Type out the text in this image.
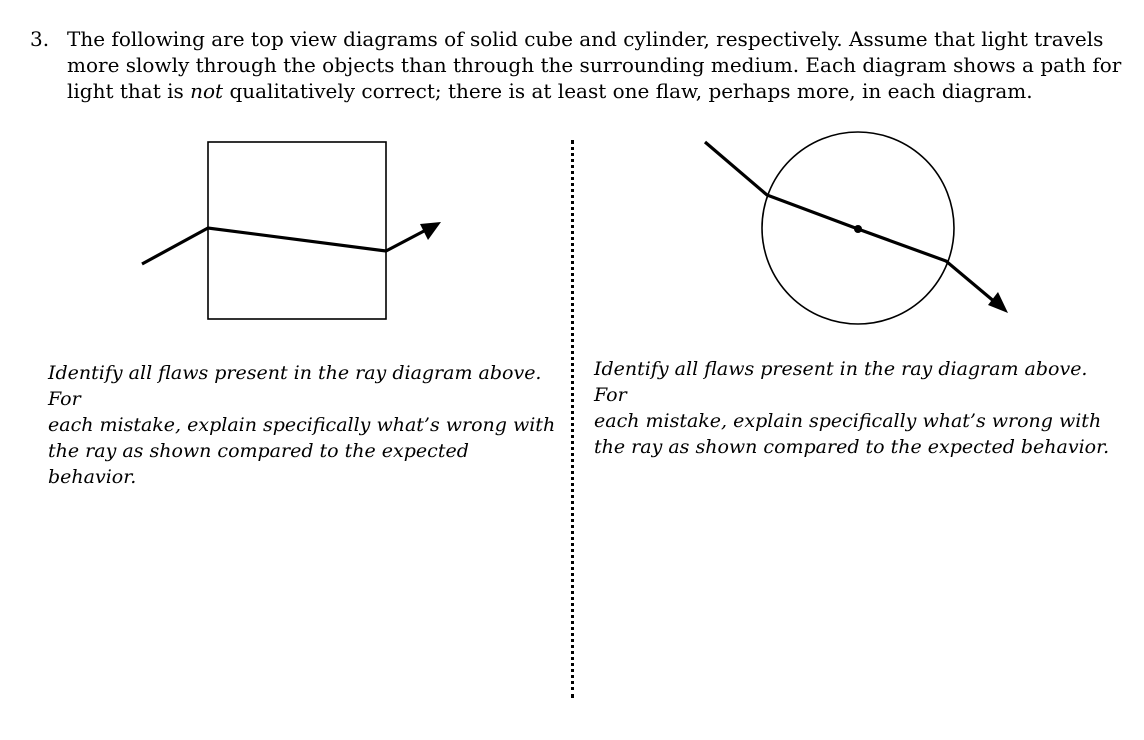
3. The following are top view diagrams of solid cube and cylinder, respectively. Assume that light travels more slowly through the objects than through the surrounding medium. Each diagram shows a path for light that is not qualitatively correct; there is at least one flaw, perhaps more, in each diagram.
Identify all flaws present in the ray diagram above. For
each mistake, explain specifically what’s wrong with
the ray as shown compared to the expected behavior.
Identify all flaws present in the ray diagram above. For
each mistake, explain specifically what’s wrong with
the ray as shown compared to the expected behavior.
